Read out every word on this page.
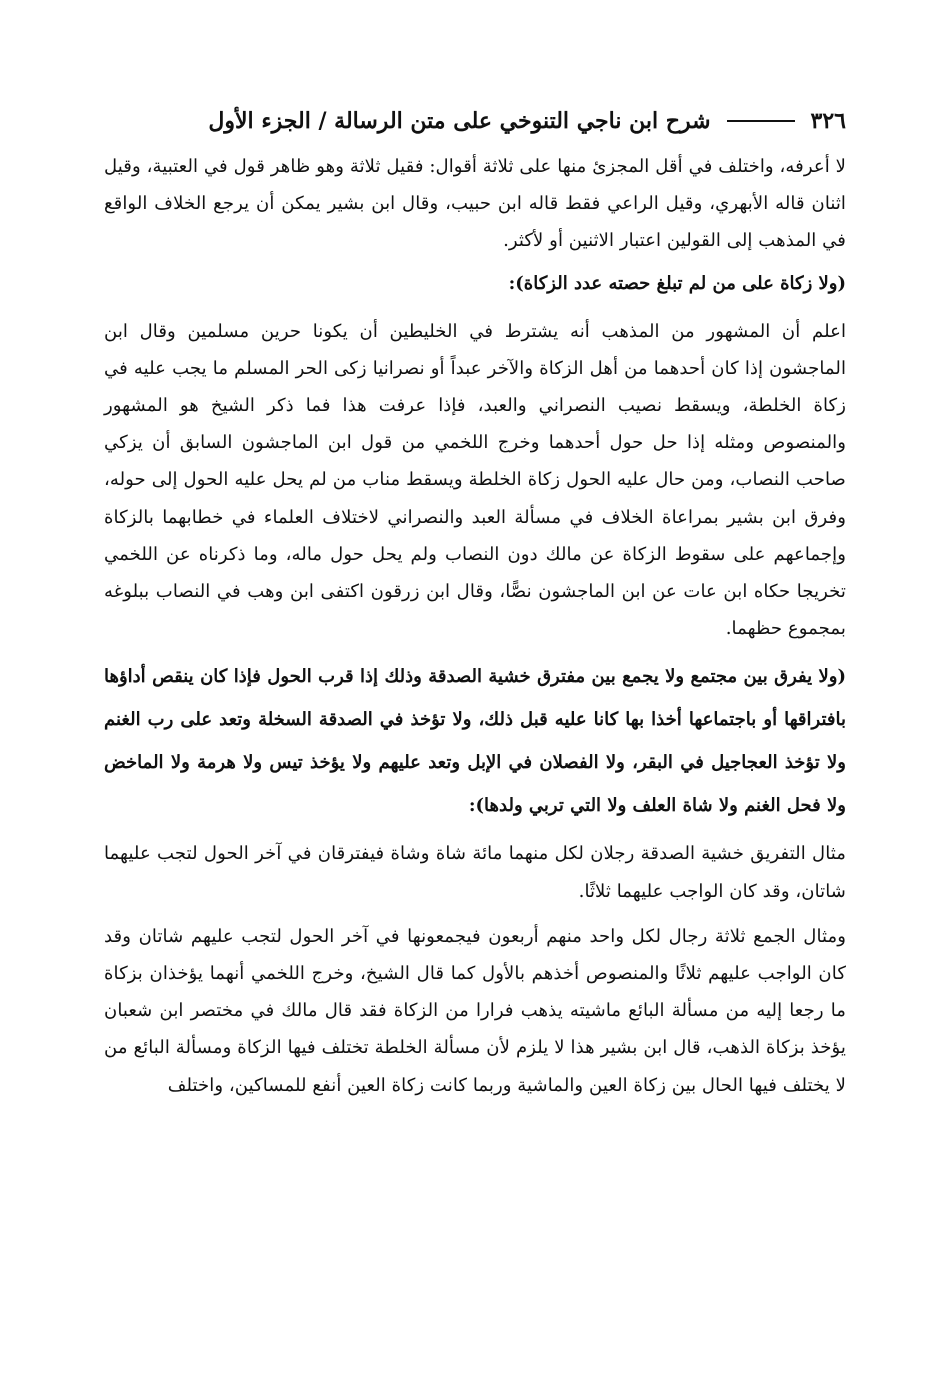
٣٢٦
شرح ابن ناجي التنوخي على متن الرسالة / الجزء الأول

لا أعرفه، واختلف في أقل المجزئ منها على ثلاثة أقوال: فقيل ثلاثة وهو ظاهر قول في العتبية، وقيل اثنان قاله الأبهري، وقيل الراعي فقط قاله ابن حبيب، وقال ابن بشير يمكن أن يرجع الخلاف الواقع في المذهب إلى القولين اعتبار الاثنين أو لأكثر.

(ولا زكاة على من لم تبلغ حصته عدد الزكاة):

اعلم أن المشهور من المذهب أنه يشترط في الخليطين أن يكونا حرين مسلمين وقال ابن الماجشون إذا كان أحدهما من أهل الزكاة والآخر عبداً أو نصرانيا زكى الحر المسلم ما يجب عليه في زكاة الخلطة، ويسقط نصيب النصراني والعبد، فإذا عرفت هذا فما ذكر الشيخ هو المشهور والمنصوص ومثله إذا حل حول أحدهما وخرج اللخمي من قول ابن الماجشون السابق أن يزكي صاحب النصاب، ومن حال عليه الحول زكاة الخلطة ويسقط مناب من لم يحل عليه الحول إلى حوله، وفرق ابن بشير بمراعاة الخلاف في مسألة العبد والنصراني لاختلاف العلماء في خطابهما بالزكاة وإجماعهم على سقوط الزكاة عن مالك دون النصاب ولم يحل حول ماله، وما ذكرناه عن اللخمي تخريجا حكاه ابن عات عن ابن الماجشون نصًّا، وقال ابن زرقون اكتفى ابن وهب في النصاب ببلوغه بمجموع حظهما.

(ولا يفرق بين مجتمع ولا يجمع بين مفترق خشية الصدقة وذلك إذا قرب الحول فإذا كان ينقص أداؤها بافتراقها أو باجتماعها أخذا بها كانا عليه قبل ذلك، ولا تؤخذ في الصدقة السخلة وتعد على رب الغنم ولا تؤخذ العجاجيل في البقر، ولا الفصلان في الإبل وتعد عليهم ولا يؤخذ تيس ولا هرمة ولا الماخض ولا فحل الغنم ولا شاة العلف ولا التي تربي ولدها):

مثال التفريق خشية الصدقة رجلان لكل منهما مائة شاة وشاة فيفترقان في آخر الحول لتجب عليهما شاتان، وقد كان الواجب عليهما ثلاثًا.

ومثال الجمع ثلاثة رجال لكل واحد منهم أربعون فيجمعونها في آخر الحول لتجب عليهم شاتان وقد كان الواجب عليهم ثلاثًا والمنصوص أخذهم بالأول كما قال الشيخ، وخرج اللخمي أنهما يؤخذان بزكاة ما رجعا إليه من مسألة البائع ماشيته يذهب فرارا من الزكاة فقد قال مالك في مختصر ابن شعبان يؤخذ بزكاة الذهب، قال ابن بشير هذا لا يلزم لأن مسألة الخلطة تختلف فيها الزكاة ومسألة البائع من لا يختلف فيها الحال بين زكاة العين والماشية وربما كانت زكاة العين أنفع للمساكين، واختلف
